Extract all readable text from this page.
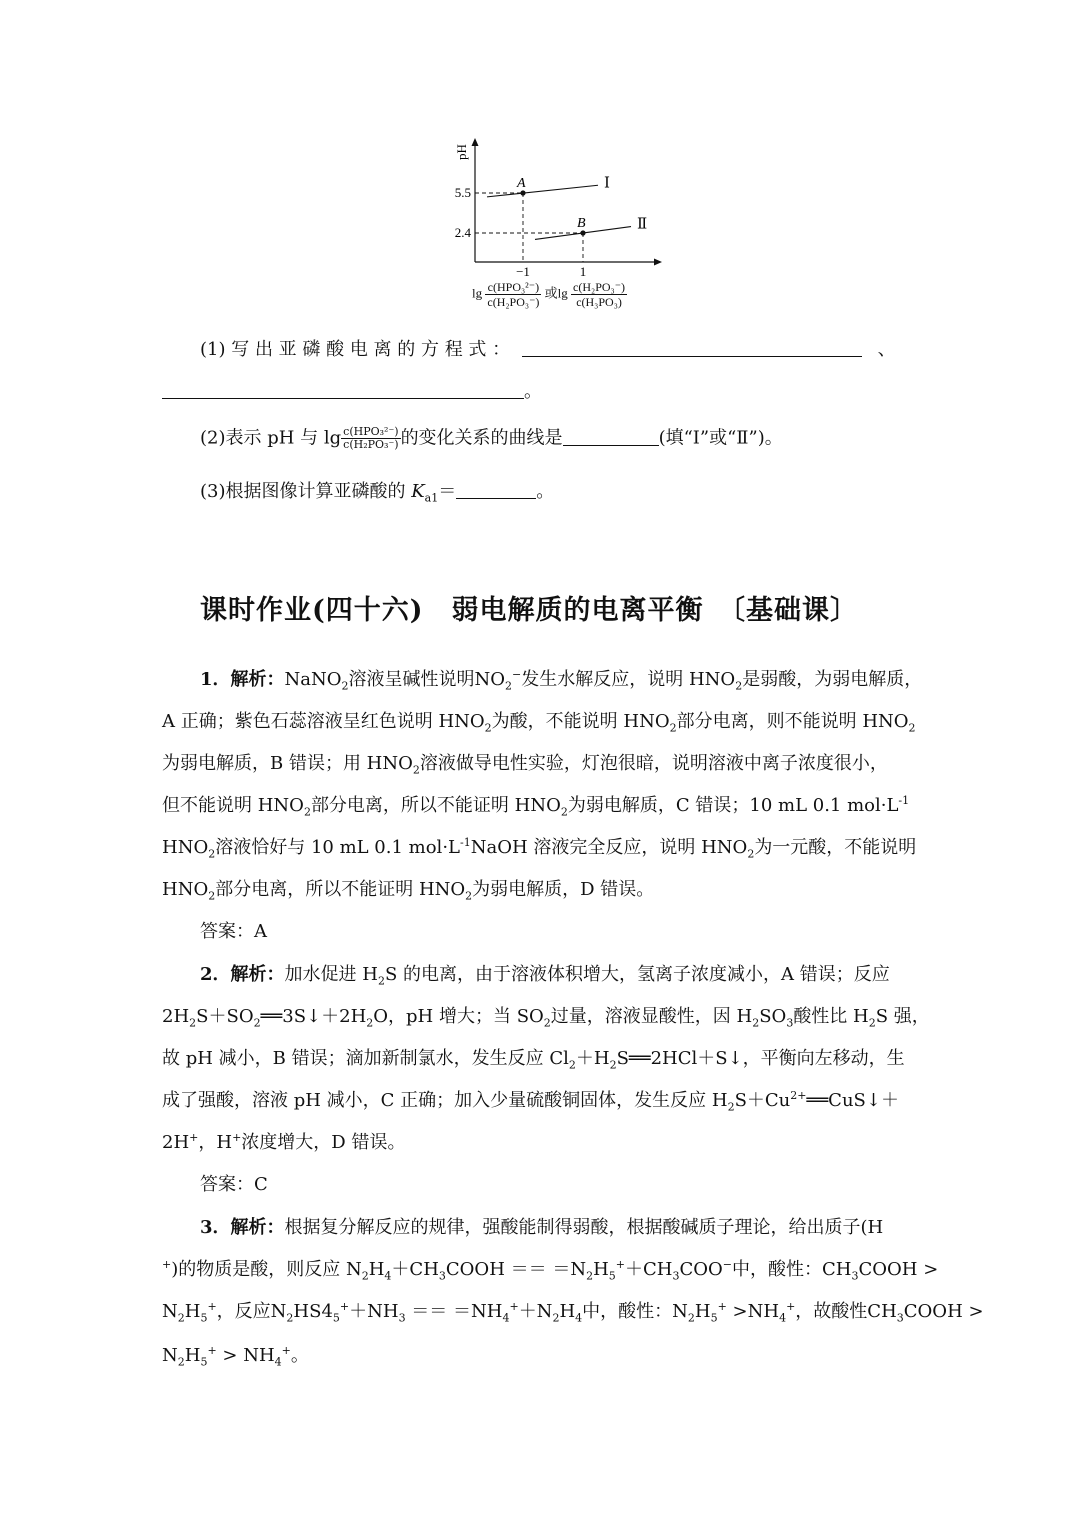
pH
Ⅰ
Ⅱ
A
B
5.5
2.4
−1	1
$\lg \frac{\text{c(HPO₃²⁻)}}{\text{c(H₂PO₃⁻)}}$ 或$\lg \frac{\text{c(H₂PO₃⁻)}}{\text{c(H₃PO₃)}}$
(1) 写 出 亚 磷 酸 电 离 的 方 程 式 ：	、
。
(2)表示 pH 与 $\lg \frac{\text{c(HPO₃²⁻)}}{\text{c(H₂PO₃⁻)}}$ 的变化关系的曲线是	(填“Ⅰ”或“Ⅱ”)。
(3)根据图像计算亚磷酸的 $K_{a1}=$	。
课时作业(四十六)　弱电解质的电离平衡　〔基础课〕
1．解析：NaNO$_2$溶液呈碱性说明$NO_2^-$发生水解反应，说明 $HNO_2$是弱酸，为弱电解质，
A 正确；紫色石蕊溶液呈红色说明 $HNO_2$为酸，不能说明 $HNO_2$部分电离，则不能说明 $HNO_2$
为弱电解质，B 错误；用 $HNO_2$溶液做导电性实验，灯泡很暗，说明溶液中离子浓度很小，
但不能说明 $HNO_2$部分电离，所以不能证明 $HNO_2$为弱电解质，C 错误；10 mL 0.1 $mol\cdot L^{-1}$
$HNO_2$溶液恰好与 10 mL 0.1 $mol\cdot L^{-1}NaOH$ 溶液完全反应，说明 $HNO_2$为一元酸，不能说明
$HNO_2$部分电离，所以不能证明 $HNO_2$为弱电解质，D 错误。
答案：A
2．解析：加水促进 $H_2S$ 的电离，由于溶液体积增大，氢离子浓度减小，A 错误；反应
$2H_2S+SO_2══3S↓+2H_2O$，pH 增大；当 $SO_2$过量，溶液显酸性，因 $H_2SO_3$酸性比 $H_2S$ 强，
故 pH 减小，B 错误；滴加新制氯水，发生反应 $Cl_2+H_2S══2HCl+S↓$，平衡向左移动，生
成了强酸，溶液 pH 减小，C 正确；加入少量硫酸铜固体，发生反应 $H_2S+Cu^{2+}══CuS↓+$
2H+，H+浓度增大，D 错误。
答案：C
3．解析：根据复分解反应的规律，强酸能制得弱酸，根据酸碱质子理论，给出质子(H
+)的物质是酸，则反应 $N_2H_4+CH_3COOH == =N_2H_5^++CH_3COO^-$中，酸性：$CH_3COOH$ >
$N_2H_5^+$，反应$N_2HS4_5^++NH_3 == =NH_4^++N_2H_4$中，酸性：$N_2H_5^+ >NH_4^+$，故酸性$CH_3COOH$ >
$N_2H_5^+ > NH_4^+$。
